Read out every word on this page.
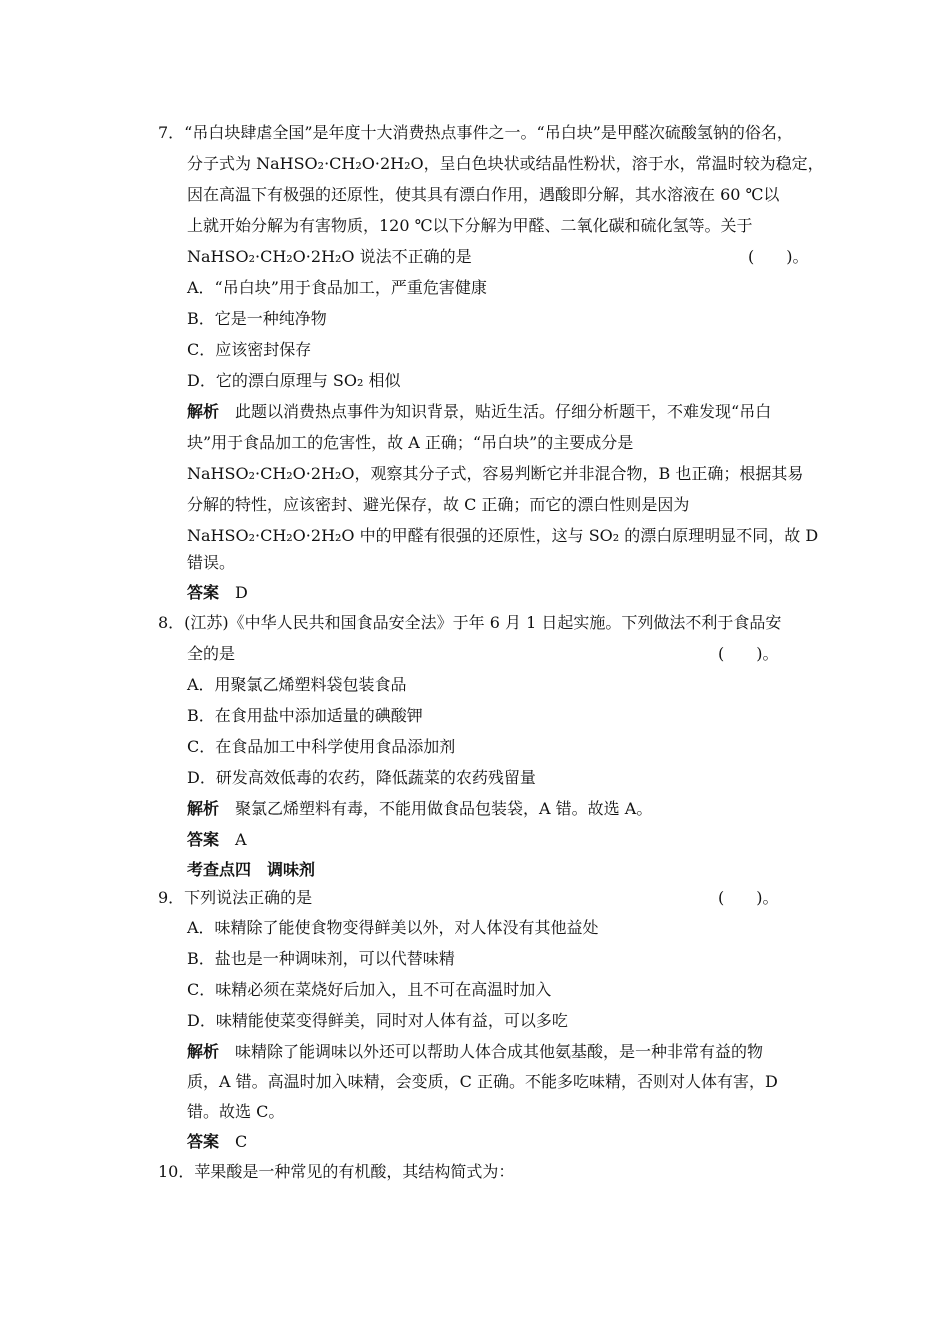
7．“吊白块肆虐全国”是年度十大消费热点事件之一。“吊白块”是甲醛次硫酸氢钠的俗名，
分子式为 NaHSO₂·CH₂O·2H₂O，呈白色块状或结晶性粉状，溶于水，常温时较为稳定，
因在高温下有极强的还原性，使其具有漂白作用，遇酸即分解，其水溶液在 60 ℃以
上就开始分解为有害物质，120 ℃以下分解为甲醛、二氧化碳和硫化氢等。关于
NaHSO₂·CH₂O·2H₂O 说法不正确的是	(　　)。
A．“吊白块”用于食品加工，严重危害健康
B．它是一种纯净物
C．应该密封保存
D．它的漂白原理与 SO₂ 相似
解析　 此题以消费热点事件为知识背景，贴近生活。仔细分析题干，不难发现“吊白
块”用于食品加工的危害性，故 A 正确；“吊白块”的主要成分是
NaHSO₂·CH₂O·2H₂O，观察其分子式，容易判断它并非混合物，B 也正确；根据其易
分解的特性，应该密封、避光保存，故 C 正确；而它的漂白性则是因为
NaHSO₂·CH₂O·2H₂O 中的甲醛有很强的还原性，这与 SO₂ 的漂白原理明显不同，故 D
错误。
答案　 D
8．(江苏)《中华人民共和国食品安全法》于年 6 月 1 日起实施。下列做法不利于食品安
全的是	(　　)。
A．用聚氯乙烯塑料袋包装食品
B．在食用盐中添加适量的碘酸钾
C．在食品加工中科学使用食品添加剂
D．研发高效低毒的农药，降低蔬菜的农药残留量
解析　 聚氯乙烯塑料有毒，不能用做食品包装袋，A 错。故选 A。
答案　 A
考查点四　调味剂
9．下列说法正确的是	(　　)。
A．味精除了能使食物变得鲜美以外，对人体没有其他益处
B．盐也是一种调味剂，可以代替味精
C．味精必须在菜烧好后加入，且不可在高温时加入
D．味精能使菜变得鲜美，同时对人体有益，可以多吃
解析　 味精除了能调味以外还可以帮助人体合成其他氨基酸，是一种非常有益的物
质，A 错。高温时加入味精，会变质，C 正确。不能多吃味精，否则对人体有害，D
错。故选 C。
答案　 C
10．苹果酸是一种常见的有机酸，其结构简式为：
